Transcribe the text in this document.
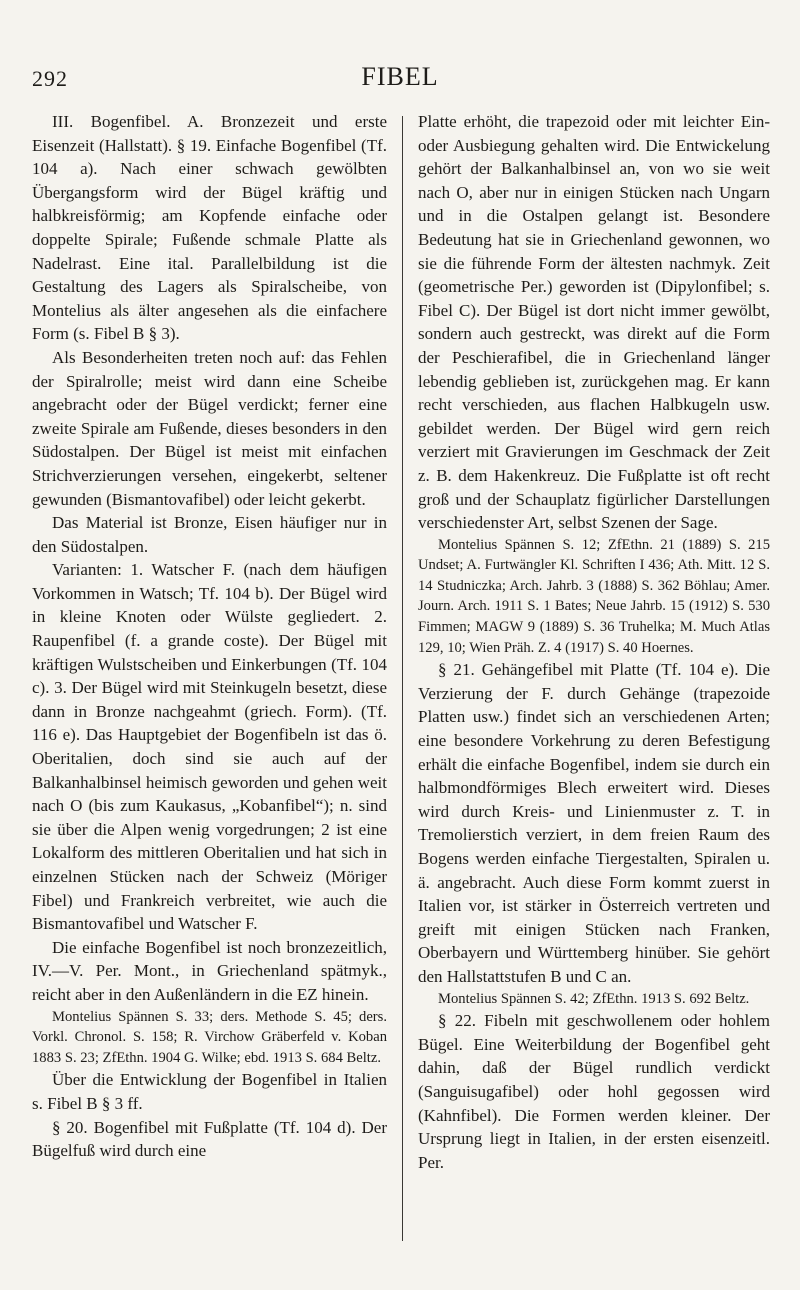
292	FIBEL

III. Bogenfibel. A. Bronzezeit und erste Eisenzeit (Hallstatt). § 19. Einfache Bogenfibel (Tf. 104 a). Nach einer schwach gewölbten Übergangsform wird der Bügel kräftig und halbkreisförmig; am Kopfende einfache oder doppelte Spirale; Fußende schmale Platte als Nadelrast. Eine ital. Parallelbildung ist die Gestaltung des Lagers als Spiralscheibe, von Montelius als älter angesehen als die einfachere Form (s. Fibel B § 3).

Als Besonderheiten treten noch auf: das Fehlen der Spiralrolle; meist wird dann eine Scheibe angebracht oder der Bügel verdickt; ferner eine zweite Spirale am Fußende, dieses besonders in den Südostalpen. Der Bügel ist meist mit einfachen Strichverzierungen versehen, eingekerbt, seltener gewunden (Bismantovafibel) oder leicht gekerbt.

Das Material ist Bronze, Eisen häufiger nur in den Südostalpen.

Varianten: 1. Watscher F. (nach dem häufigen Vorkommen in Watsch; Tf. 104 b). Der Bügel wird in kleine Knoten oder Wülste gegliedert. 2. Raupenfibel (f. a grande coste). Der Bügel mit kräftigen Wulstscheiben und Einkerbungen (Tf. 104 c). 3. Der Bügel wird mit Steinkugeln besetzt, diese dann in Bronze nachgeahmt (griech. Form). (Tf. 116 e). Das Hauptgebiet der Bogenfibeln ist das ö. Oberitalien, doch sind sie auch auf der Balkanhalbinsel heimisch geworden und gehen weit nach O (bis zum Kaukasus, „Kobanfibel“); n. sind sie über die Alpen wenig vorgedrungen; 2 ist eine Lokalform des mittleren Oberitalien und hat sich in einzelnen Stücken nach der Schweiz (Möriger Fibel) und Frankreich verbreitet, wie auch die Bismantovafibel und Watscher F.

Die einfache Bogenfibel ist noch bronzezeitlich, IV.—V. Per. Mont., in Griechenland spätmyk., reicht aber in den Außenländern in die EZ hinein.

Montelius Spännen S. 33; ders. Methode S. 45; ders. Vorkl. Chronol. S. 158; R. Virchow Gräberfeld v. Koban 1883 S. 23; ZfEthn. 1904 G. Wilke; ebd. 1913 S. 684 Beltz.

Über die Entwicklung der Bogenfibel in Italien s. Fibel B § 3 ff.

§ 20. Bogenfibel mit Fußplatte (Tf. 104 d). Der Bügelfuß wird durch eine

Platte erhöht, die trapezoid oder mit leichter Ein- oder Ausbiegung gehalten wird. Die Entwickelung gehört der Balkanhalbinsel an, von wo sie weit nach O, aber nur in einigen Stücken nach Ungarn und in die Ostalpen gelangt ist. Besondere Bedeutung hat sie in Griechenland gewonnen, wo sie die führende Form der ältesten nachmyk. Zeit (geometrische Per.) geworden ist (Dipylonfibel; s. Fibel C). Der Bügel ist dort nicht immer gewölbt, sondern auch gestreckt, was direkt auf die Form der Peschierafibel, die in Griechenland länger lebendig geblieben ist, zurückgehen mag. Er kann recht verschieden, aus flachen Halbkugeln usw. gebildet werden. Der Bügel wird gern reich verziert mit Gravierungen im Geschmack der Zeit z. B. dem Hakenkreuz. Die Fußplatte ist oft recht groß und der Schauplatz figürlicher Darstellungen verschiedenster Art, selbst Szenen der Sage.

Montelius Spännen S. 12; ZfEthn. 21 (1889) S. 215 Undset; A. Furtwängler Kl. Schriften I 436; Ath. Mitt. 12 S. 14 Studniczka; Arch. Jahrb. 3 (1888) S. 362 Böhlau; Amer. Journ. Arch. 1911 S. 1 Bates; Neue Jahrb. 15 (1912) S. 530 Fimmen; MAGW 9 (1889) S. 36 Truhelka; M. Much Atlas 129, 10; Wien Präh. Z. 4 (1917) S. 40 Hoernes.

§ 21. Gehängefibel mit Platte (Tf. 104 e). Die Verzierung der F. durch Gehänge (trapezoide Platten usw.) findet sich an verschiedenen Arten; eine besondere Vorkehrung zu deren Befestigung erhält die einfache Bogenfibel, indem sie durch ein halbmondförmiges Blech erweitert wird. Dieses wird durch Kreis- und Linienmuster z. T. in Tremolierstich verziert, in dem freien Raum des Bogens werden einfache Tiergestalten, Spiralen u. ä. angebracht. Auch diese Form kommt zuerst in Italien vor, ist stärker in Österreich vertreten und greift mit einigen Stücken nach Franken, Oberbayern und Württemberg hinüber. Sie gehört den Hallstattstufen B und C an.

Montelius Spännen S. 42; ZfEthn. 1913 S. 692 Beltz.

§ 22. Fibeln mit geschwollenem oder hohlem Bügel. Eine Weiterbildung der Bogenfibel geht dahin, daß der Bügel rundlich verdickt (Sanguisugafibel) oder hohl gegossen wird (Kahnfibel). Die Formen werden kleiner. Der Ursprung liegt in Italien, in der ersten eisenzeitl. Per.
